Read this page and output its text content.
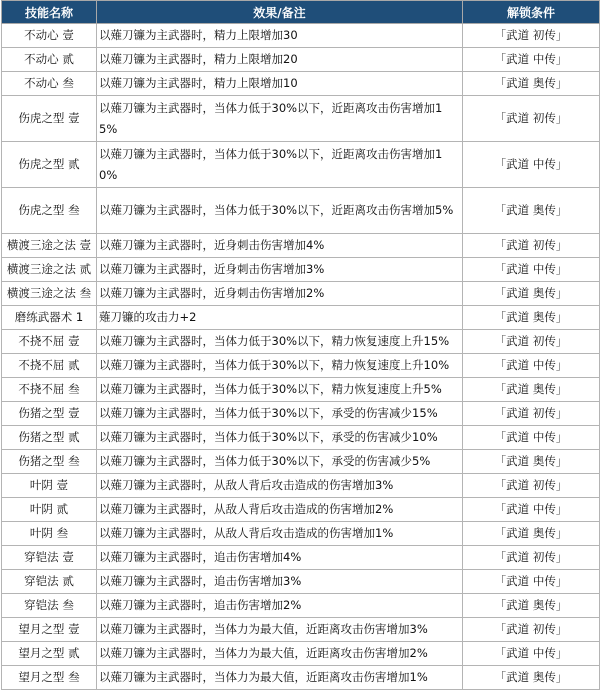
技能名称	效果/备注	解锁条件
不动心 壹	以薙刀镰为主武器时，精力上限增加30	「武道 初传」
不动心 贰	以薙刀镰为主武器时，精力上限增加20	「武道 中传」
不动心 叁	以薙刀镰为主武器时，精力上限增加10	「武道 奥传」
伤虎之型 壹	以薙刀镰为主武器时，当体力低于30%以下，近距离攻击伤害增加15%	「武道 初传」
伤虎之型 贰	以薙刀镰为主武器时，当体力低于30%以下，近距离攻击伤害增加10%	「武道 中传」
伤虎之型 叁	以薙刀镰为主武器时，当体力低于30%以下，近距离攻击伤害增加5%	「武道 奥传」
横渡三途之法 壹	以薙刀镰为主武器时，近身刺击伤害增加4%	「武道 初传」
横渡三途之法 贰	以薙刀镰为主武器时，近身刺击伤害增加3%	「武道 中传」
横渡三途之法 叁	以薙刀镰为主武器时，近身刺击伤害增加2%	「武道 奥传」
磨练武器术 1	薙刀镰的攻击力+2	「武道 奥传」
不挠不屈 壹	以薙刀镰为主武器时，当体力低于30%以下，精力恢复速度上升15%	「武道 初传」
不挠不屈 贰	以薙刀镰为主武器时，当体力低于30%以下，精力恢复速度上升10%	「武道 中传」
不挠不屈 叁	以薙刀镰为主武器时，当体力低于30%以下，精力恢复速度上升5%	「武道 奥传」
伤猪之型 壹	以薙刀镰为主武器时，当体力低于30%以下，承受的伤害减少15%	「武道 初传」
伤猪之型 贰	以薙刀镰为主武器时，当体力低于30%以下，承受的伤害减少10%	「武道 中传」
伤猪之型 叁	以薙刀镰为主武器时，当体力低于30%以下，承受的伤害减少5%	「武道 奥传」
叶阴 壹	以薙刀镰为主武器时，从敌人背后攻击造成的伤害增加3%	「武道 初传」
叶阴 贰	以薙刀镰为主武器时，从敌人背后攻击造成的伤害增加2%	「武道 中传」
叶阴 叁	以薙刀镰为主武器时，从敌人背后攻击造成的伤害增加1%	「武道 奥传」
穿铠法 壹	以薙刀镰为主武器时，追击伤害增加4%	「武道 初传」
穿铠法 贰	以薙刀镰为主武器时，追击伤害增加3%	「武道 中传」
穿铠法 叁	以薙刀镰为主武器时，追击伤害增加2%	「武道 奥传」
望月之型 壹	以薙刀镰为主武器时，当体力为最大值，近距离攻击伤害增加3%	「武道 初传」
望月之型 贰	以薙刀镰为主武器时，当体力为最大值，近距离攻击伤害增加2%	「武道 中传」
望月之型 叁	以薙刀镰为主武器时，当体力为最大值，近距离攻击伤害增加1%	「武道 奥传」
